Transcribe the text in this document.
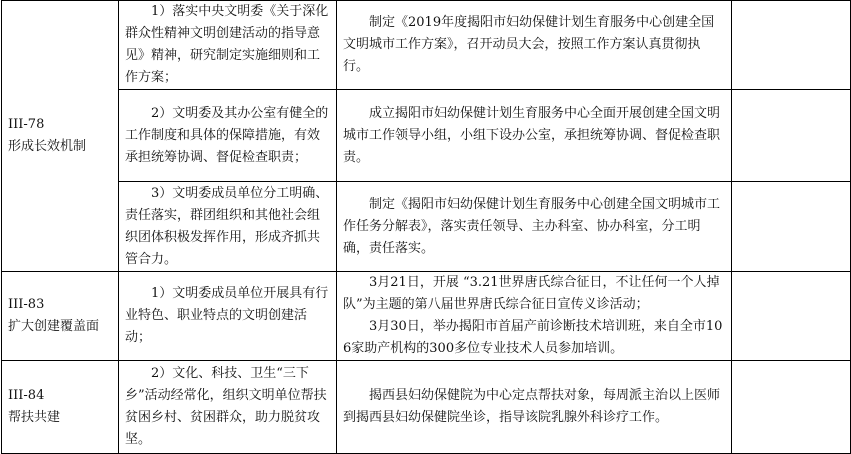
III-78
形成长效机制	1）落实中央文明委《关于深化群众性精神文明创建活动的指导意见》精神，研究制定实施细则和工作方案；	制定《2019年度揭阳市妇幼保健计划生育服务中心创建全国文明城市工作方案》，召开动员大会，按照工作方案认真贯彻执行。	

	2）文明委及其办公室有健全的工作制度和具体的保障措施，有效承担统筹协调、督促检查职责；	成立揭阳市妇幼保健计划生育服务中心全面开展创建全国文明城市工作领导小组，小组下设办公室，承担统筹协调、督促检查职责。	

	3）文明委成员单位分工明确、责任落实，群团组织和其他社会组织团体积极发挥作用，形成齐抓共管合力。	制定《揭阳市妇幼保健计划生育服务中心创建全国文明城市工作任务分解表》，落实责任领导、主办科室、协办科室，分工明确，责任落实。	

III-83
扩大创建覆盖面	1）文明委成员单位开展具有行业特色、职业特点的文明创建活动；	3月21日，开展 “3.21世界唐氏综合征日，不让任何一个人掉队”为主题的第八届世界唐氏综合征日宣传义诊活动；
3月30日，举办揭阳市首届产前诊断技术培训班，来自全市106家助产机构的300多位专业技术人员参加培训。	

III-84
帮扶共建	2）文化、科技、卫生“三下乡”活动经常化，组织文明单位帮扶贫困乡村、贫困群众，助力脱贫攻坚。	揭西县妇幼保健院为中心定点帮扶对象，每周派主治以上医师到揭西县妇幼保健院坐诊，指导该院乳腺外科诊疗工作。	
